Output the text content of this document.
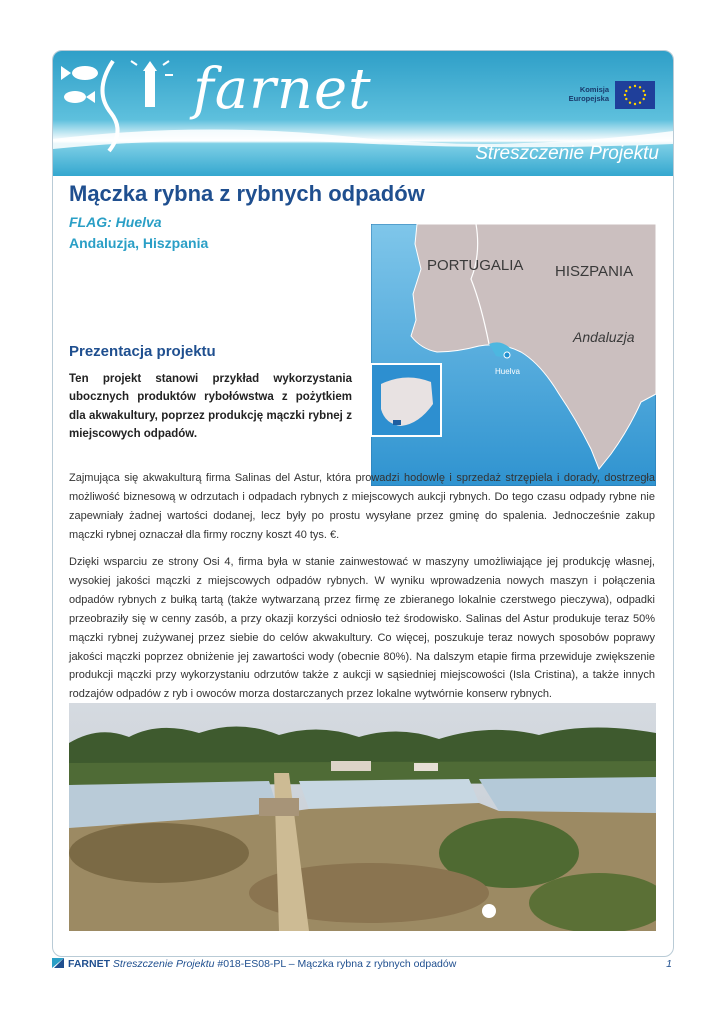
farnet	Komisja
Europejska
Streszczenie Projektu
Mączka rybna z rybnych odpadów
FLAG: Huelva
Andaluzja, Hiszpania
Prezentacja projektu
Ten projekt stanowi przykład wykorzystania ubocznych produktów rybołówstwa z pożytkiem dla akwakultury, poprzez produkcję mączki rybnej z miejscowych odpadów.
PORTUGALIA HISZPANIA
Andaluzja
Huelva

Zajmująca się akwakulturą firma Salinas del Astur, która prowadzi hodowlę i sprzedaż strzępiela i dorady, dostrzegła możliwość biznesową w odrzutach i odpadach rybnych z miejscowych aukcji rybnych. Do tego czasu odpady rybne nie zapewniały żadnej wartości dodanej, lecz były po prostu wysyłane przez gminę do spalenia. Jednocześnie zakup mączki rybnej oznaczał dla firmy roczny koszt 40 tys. €.

Dzięki wsparciu ze strony Osi 4, firma była w stanie zainwestować w maszyny umożliwiające jej produkcję własnej, wysokiej jakości mączki z miejscowych odpadów rybnych. W wyniku wprowadzenia nowych maszyn i połączenia odpadów rybnych z bułką tartą (także wytwarzaną przez firmę ze zbieranego lokalnie czerstwego pieczywa), odpadki przeobraziły się w cenny zasób, a przy okazji korzyści odniosło też środowisko. Salinas del Astur produkuje teraz 50% mączki rybnej zużywanej przez siebie do celów akwakultury. Co więcej, poszukuje teraz nowych sposobów poprawy jakości mączki poprzez obniżenie jej zawartości wody (obecnie 80%). Na dalszym etapie firma przewiduje zwiększenie produkcji mączki przy wykorzystaniu odrzutów także z aukcji w sąsiedniej miejscowości (Isla Cristina), a także innych rodzajów odpadów z ryb i owoców morza dostarczanych przez lokalne wytwórnie konserw rybnych.

FARNET Streszczenie Projektu #018-ES08-PL – Mączka rybna z rybnych odpadów	1
